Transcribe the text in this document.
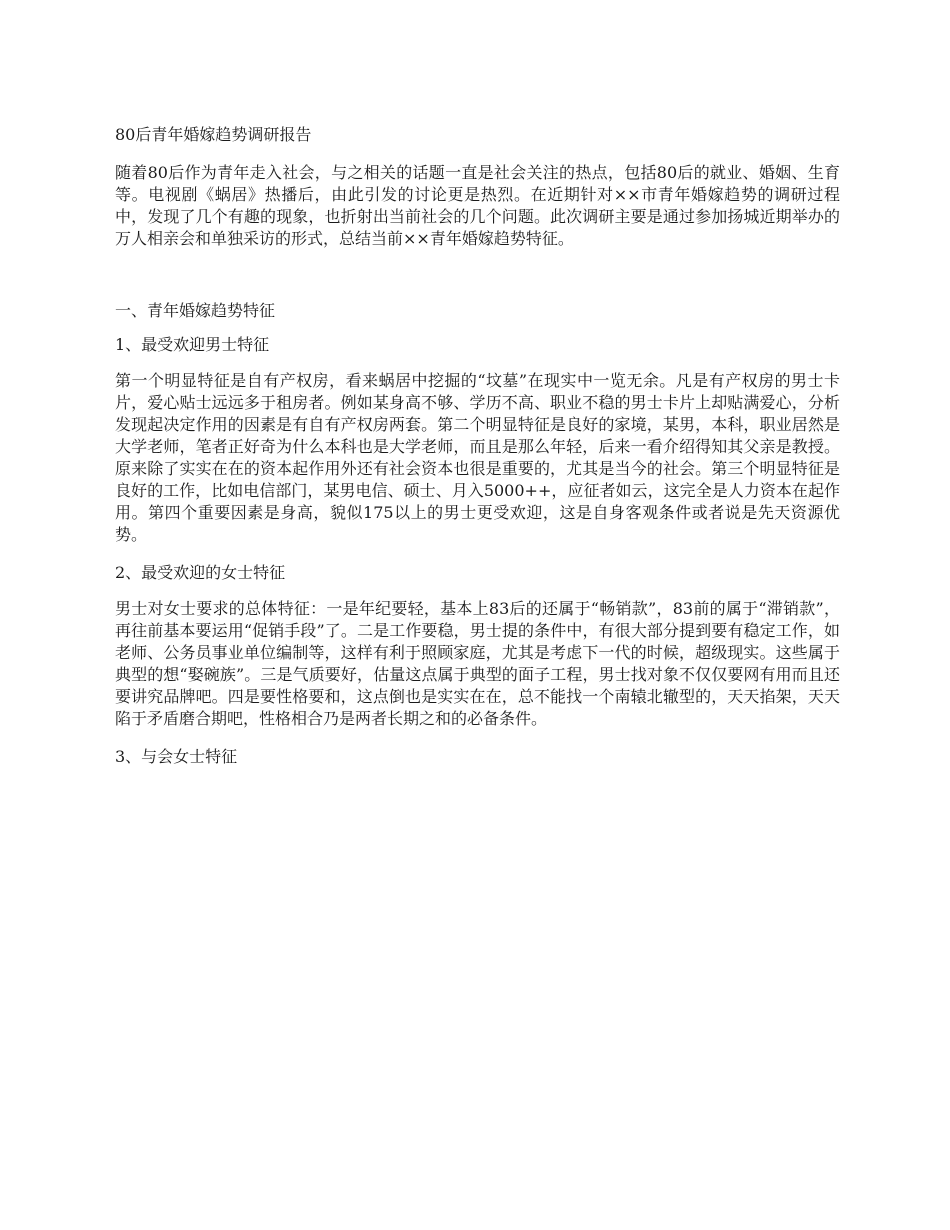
80后青年婚嫁趋势调研报告

随着80后作为青年走入社会，与之相关的话题一直是社会关注的热点，包括80后的就业、婚姻、生育等。电视剧《蜗居》热播后，由此引发的讨论更是热烈。在近期针对××市青年婚嫁趋势的调研过程中，发现了几个有趣的现象，也折射出当前社会的几个问题。此次调研主要是通过参加扬城近期举办的万人相亲会和单独采访的形式，总结当前××青年婚嫁趋势特征。

一、青年婚嫁趋势特征
1、最受欢迎男士特征

第一个明显特征是自有产权房，看来蜗居中挖掘的“坟墓”在现实中一览无余。凡是有产权房的男士卡片，爱心贴士远远多于租房者。例如某身高不够、学历不高、职业不稳的男士卡片上却贴满爱心，分析发现起决定作用的因素是有自有产权房两套。第二个明显特征是良好的家境，某男，本科，职业居然是大学老师，笔者正好奇为什么本科也是大学老师，而且是那么年轻，后来一看介绍得知其父亲是教授。原来除了实实在在的资本起作用外还有社会资本也很是重要的，尤其是当今的社会。第三个明显特征是良好的工作，比如电信部门，某男电信、硕士、月入5000++，应征者如云，这完全是人力资本在起作用。第四个重要因素是身高，貌似175以上的男士更受欢迎，这是自身客观条件或者说是先天资源优势。

2、最受欢迎的女士特征

男士对女士要求的总体特征：一是年纪要轻，基本上83后的还属于“畅销款”，83前的属于“滞销款”，再往前基本要运用“促销手段”了。二是工作要稳，男士提的条件中，有很大部分提到要有稳定工作，如老师、公务员事业单位编制等，这样有利于照顾家庭，尤其是考虑下一代的时候，超级现实。这些属于典型的想“娶碗族”。三是气质要好，估量这点属于典型的面子工程，男士找对象不仅仅要网有用而且还要讲究品牌吧。四是要性格要和，这点倒也是实实在在，总不能找一个南辕北辙型的，天天掐架，天天陷于矛盾磨合期吧，性格相合乃是两者长期之和的必备条件。

3、与会女士特征
